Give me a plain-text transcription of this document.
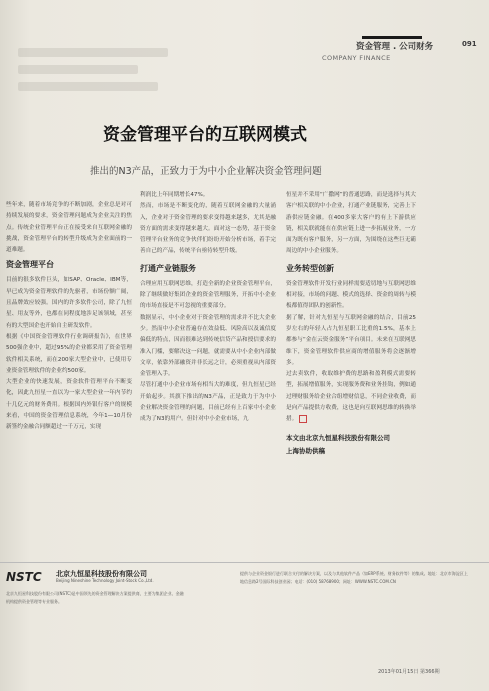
资金管理 . 公司财务	091
COMPANY FINANCE
资金管理平台的互联网模式
推出的N3产品，正致力于为中小企业解决资金管理问题

些年来，随着市场竞争的不断加剧，企业总是对可持续发展的要求，资金管理问题成为企业关注的焦点。传统企业管理平台正在接受来自互联网金融的挑战，资金管理平台的转型升级成为企业面前的一道难题。

资金管理平台

目前的很多软件巨头，如SAP、Oracle、IBM等，早已成为资金管理软件的先驱者，市场份额广阔，且品牌效应较强。国内的许多软件公司，除了九恒星、用友等外，也都在同程度地涉足该领域，甚至有的大型国企也开始自主研发软件。

根据《中国资金管理软件行业调研报告》，在世界500强企业中，超过95%的企业都采用了资金管理软件相关系统，而在200家大型企业中，已使用专业资金管理软件的企业约500家。

大型企业的快速发展，资金软件管理平台不断变化，因此九恒星一直以为一家大型企业一年内节约十几亿元的财务费用。根据国内外银行客户的规模来看，中国的资金管理信息系统，今年1—10月份新签约金融合同额超过一千万元，实现

利润比上年同期增长47%。

然而，市场是不断变化的，随着互联网金融的大量涌入，企业对于资金管理的要求变得越来越多，尤其是融资方面的需求变得越来越大。面对这一态势，基于资金管理平台业务的竞争伙伴们纷纷开始分析市场，着手完善自己的产品，传统平台亟待转型升级。

打通产业链服务

合理应用互联网思维，打造全新的企业资金管理平台，除了继续做好集团企业的资金管理服务，开拓中小企业的市场直接是不可忽视的重要部分。

数据显示，中小企业对于资金管理的需求并不比大企业少。然而中小企业普遍存在效益低、风险高以及诚信度偏低的特点，因而很难达到传统信贷产品和授信要求的准入门槛，要解决这一问题，就需要从中小企业内部做文章，依靠外部融资并非长远之计，必须重视从内部资金管理入手。

尽管打通中小企业市场有相当大的难度，但九恒星已经开始起步。其旗下推出的N3产品，正是致力于为中小企业解决资金管理的问题，目前已经有上百家中小企业成为了N3的用户。但针对中小企业市场，九

恒星并不采用“广撒网”的普通思路，而是选择与其大客户相关联的中小企业，打通产业链服务，完善上下游供应链金融。在400多家大客户的有上下游供应链，相关联就能在在供应链上进一步拓展业务，一方面为既有客户服务，另一方面，为围绕在这些巨无霸周边的中小企业服务。

业务转型创新

资金管理软件开发行业同样需要适切地与互联网思维相对接，市场的问题、模式的选择、资金的周转与模板都值得团队的创新性。

据了解，针对九恒星与互联网金融的结合，目前25岁左右的年轻人占九恒星职工比重的1.5%，基本上都参与“金在云资金服务”平台项目。未来在互联网思维下，资金管理软件供应商的增值服务将会逐渐增多。

过去卖软件，收取维护费的思路和盈利模式需要转型，拓展增值服务，实现服务费和业务挂钩，例如通过理财服务给企业合组增财信息，不同企业收费，而是向产品提供方收费，这也是向互联网思维的转换举措。

本文由北京九恒星科技股份有限公司
上海协助供稿
NSTC 北京九恒星科技股份有限公司
Beijing Nineshine Technology Joint-Stock Co.,Ltd.
北京九恒星科技股份有限公司(NSTC)是中国领先的资金管理解决方案提供商，主要为集团企业、金融机构提供资金管理等专业服务。
提供与企业资金银行进行联合支付的解决方案，以及与其他软件产品（如ERP系统、财务软件等）的集成。地址：北京市海淀区上地信息路2号国际科技创业园；电话：(010) 58768900；网址：WWW.NSTC.COM.CN
2013年01月15日 第366期
